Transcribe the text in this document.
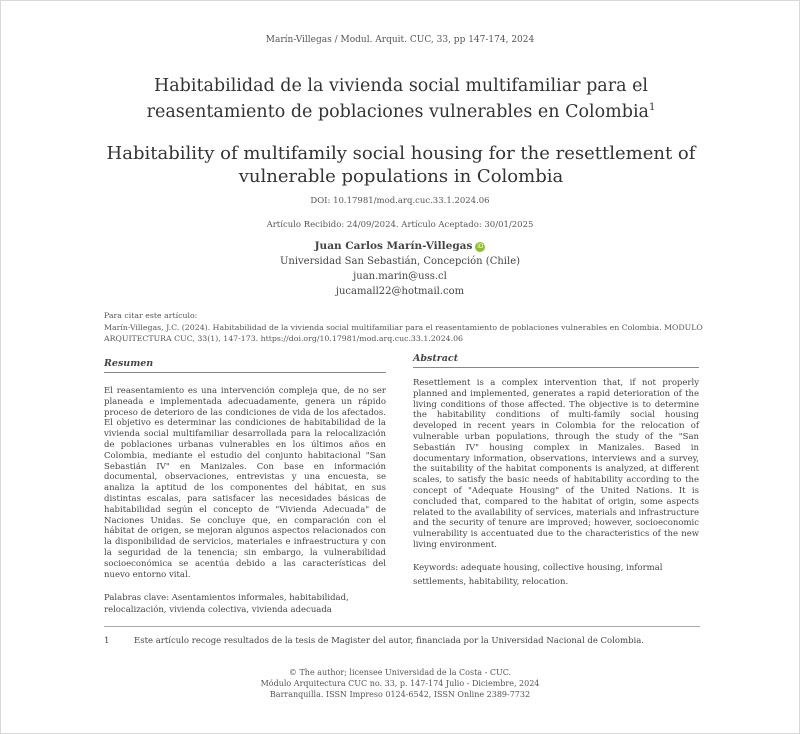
Marín-Villegas / Modul. Arquit. CUC, 33, pp 147-174, 2024
Habitabilidad de la vivienda social multifamiliar para el reasentamiento de poblaciones vulnerables en Colombia$^1$
Habitability of multifamily social housing for the resettlement of vulnerable populations in Colombia
DOI: 10.17981/mod.arq.cuc.33.1.2024.06
Artículo Recibido: 24/09/2024. Artículo Aceptado: 30/01/2025
Juan Carlos Marín-Villegas iD
Universidad San Sebastián, Concepción (Chile)
juan.marin@uss.cl
jucamall22@hotmail.com
Para citar este artículo:
Marín-Villegas, J.C. (2024). Habitabilidad de la vivienda social multifamiliar para el reasentamiento de poblaciones vulnerables en Colombia. MODULO ARQUITECTURA CUC, 33(1), 147-173. https://doi.org/10.17981/mod.arq.cuc.33.1.2024.06
Resumen
El reasentamiento es una intervención compleja que, de no ser planeada e implementada adecuadamente, genera un rápido proceso de deterioro de las condiciones de vida de los afectados. El objetivo es determinar las condiciones de habitabilidad de la vivienda social multifamiliar desarrollada para la relocalización de poblaciones urbanas vulnerables en los últimos años en Colombia, mediante el estudio del conjunto habitacional "San Sebastián IV" en Manizales. Con base en información documental, observaciones, entrevistas y una encuesta, se analiza la aptitud de los componentes del hábitat, en sus distintas escalas, para satisfacer las necesidades básicas de habitabilidad según el concepto de "Vivienda Adecuada" de Naciones Unidas. Se concluye que, en comparación con el hábitat de origen, se mejoran algunos aspectos relacionados con la disponibilidad de servicios, materiales e infraestructura y con la seguridad de la tenencia; sin embargo, la vulnerabilidad socioeconómica se acentúa debido a las características del nuevo entorno vital.
Palabras clave: Asentamientos informales, habitabilidad, relocalización, vivienda colectiva, vivienda adecuada
Abstract
Resettlement is a complex intervention that, if not properly planned and implemented, generates a rapid deterioration of the living conditions of those affected. The objective is to determine the habitability conditions of multi-family social housing developed in recent years in Colombia for the relocation of vulnerable urban populations, through the study of the "San Sebastián IV" housing complex in Manizales. Based in documentary information, observations, interviews and a survey, the suitability of the habitat components is analyzed, at different scales, to satisfy the basic needs of habitability according to the concept of "Adequate Housing" of the United Nations. It is concluded that, compared to the habitat of origin, some aspects related to the availability of services, materials and infrastructure and the security of tenure are improved; however, socioeconomic vulnerability is accentuated due to the characteristics of the new living environment.
Keywords: adequate housing, collective housing, informal settlements, habitability, relocation.
1	Este artículo recoge resultados de la tesis de Magister del autor, financiada por la Universidad Nacional de Colombia.
© The author; licensee Universidad de la Costa - CUC.
Módulo Arquitectura CUC no. 33, p. 147-174 Julio - Diciembre, 2024
Barranquilla. ISSN Impreso 0124-6542, ISSN Online 2389-7732
